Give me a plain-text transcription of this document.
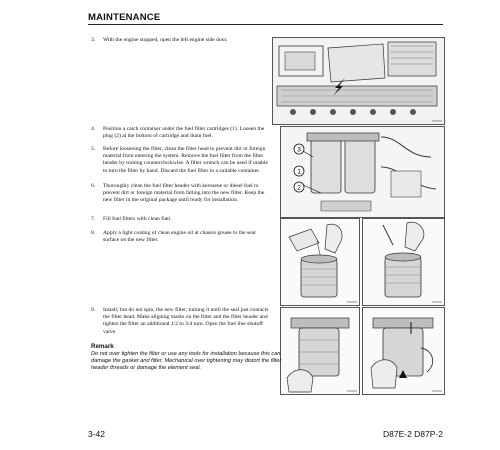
MAINTENANCE
3. With the engine stopped, open the left engine side door.
XXXXX
4. Position a catch container under the fuel filter cartridges (1). Loosen the plug (2) at the bottom of cartridge and drain fuel.
3
1
2
5. Before loosening the filter, clean the filter head to prevent dirt or foreign material from entering the system. Remove the fuel filter from the filter header by turning counterclockwise. A filter wrench can be used if unable to turn the filter by hand. Discard the fuel filter in a suitable container.
6. Thoroughly clean the fuel filter header with kerosene or diesel fuel to prevent dirt or foreign material from falling into the new filter. Keep the new filter in the original package until ready for installation.
7. Fill fuel filters with clean fuel.
8. Apply a light coating of clean engine oil at chassis grease to the seal surface on the new filter.
XXXXX	XXXXX
9. Install; but do not spin, the new filter, turning it until the seal just contacts the filter head. Make aligning marks on the filter and the filter header and tighten the filter an additional 1/2 to 3/4 turn. Open the fuel line shutoff valve.
XXXXX	XXXXX
Remark
Do not over tighten the filter or use any tools for installation because this can damage the gasket and filter. Mechanical over tightening may distort the filter header threads or damage the element seal.
3-42	D87E-2 D87P-2
